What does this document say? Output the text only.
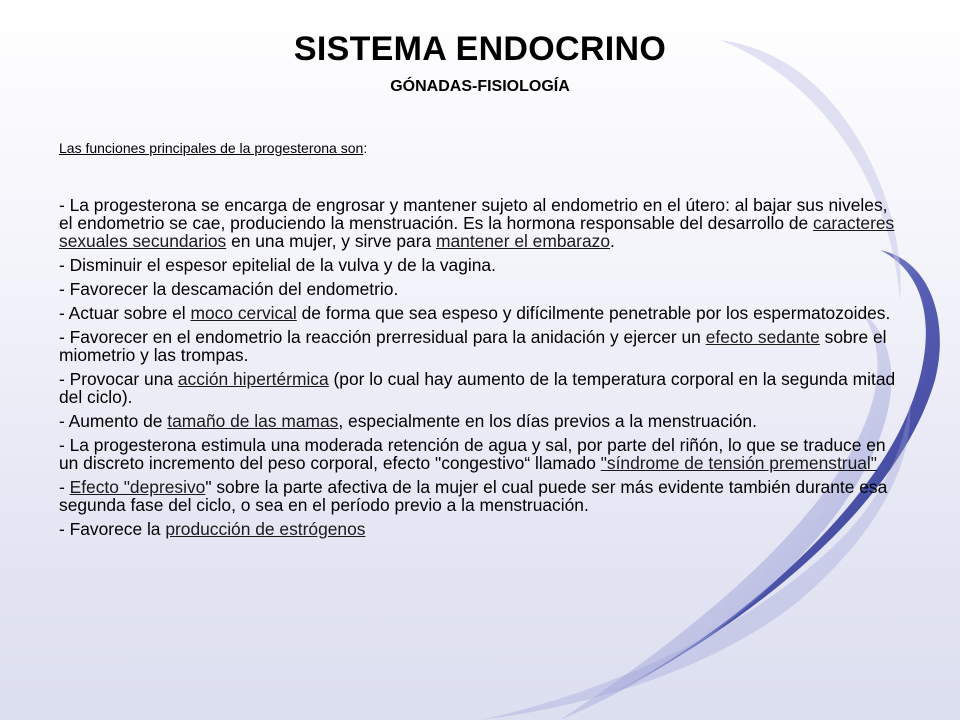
SISTEMA ENDOCRINO
GÓNADAS-FISIOLOGÍA
Las funciones principales de la progesterona son:
- La progesterona se encarga de engrosar y mantener sujeto al endometrio en el útero: al bajar sus niveles, el endometrio se cae, produciendo la menstruación. Es la hormona responsable del desarrollo de caracteres sexuales secundarios en una mujer, y sirve para mantener el embarazo.
- Disminuir el espesor epitelial de la vulva y de la vagina.
- Favorecer la descamación del endometrio.
- Actuar sobre el moco cervical de forma que sea espeso y difícilmente penetrable por los espermatozoides.
- Favorecer en el endometrio la reacción prerresidual para la anidación y ejercer un efecto sedante sobre el miometrio y las trompas.
- Provocar una acción hipertérmica (por lo cual hay aumento de la temperatura corporal en la segunda mitad del ciclo).
- Aumento de tamaño de las mamas, especialmente en los días previos a la menstruación.
- La progesterona estimula una moderada retención de agua y sal, por parte del riñón, lo que se traduce en un discreto incremento del peso corporal, efecto "congestivo“ llamado "síndrome de tensión premenstrual"
- Efecto "depresivo" sobre la parte afectiva de la mujer el cual puede ser más evidente también durante esa segunda fase del ciclo, o sea en el período previo a la menstruación.
- Favorece la producción de estrógenos
